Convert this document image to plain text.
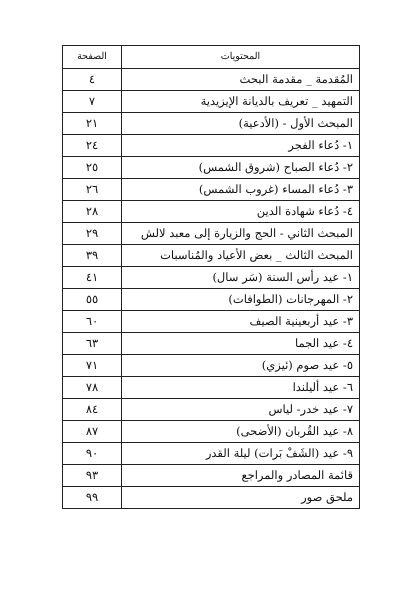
المحتويات	الصفحة
المُقدمة _ مقدمة البحث	٤
التمهيد _ تعريف بالديانة الإيزيدية	٧
المبحث الأول - (الأدعية)	٢١
١- دُعاء الفجر	٢٤
٢- دُعاء الصباح (شروق الشمس)	٢٥
٣- دُعاء المساء (غروب الشمس)	٢٦
٤- دُعاء شهادة الدين	٢٨
المبحث الثاني - الحج والزيارة إلى معبد لالش	٢٩
المبحث الثالث _ بعض الأعياد والمُناسبات	٣٩
١- عيد رأس السنة (سَر سال)	٤١
٢- المهرجانات (الطوافات)	٥٥
٣- عيد أربعينية الصيف	٦٠
٤- عيد الجما	٦٣
٥- عيد صوم (ئيزي)	٧١
٦- عيد أليلندا	٧٨
٧- عيد خدر- لياس	٨٤
٨- عيد القُربان (الأضحى)	٨٧
٩- عيد (الشَفْ بَرات) ليلة القدر	٩٠
قائمة المصادر والمراجع	٩٣
ملحق صور	٩٩
